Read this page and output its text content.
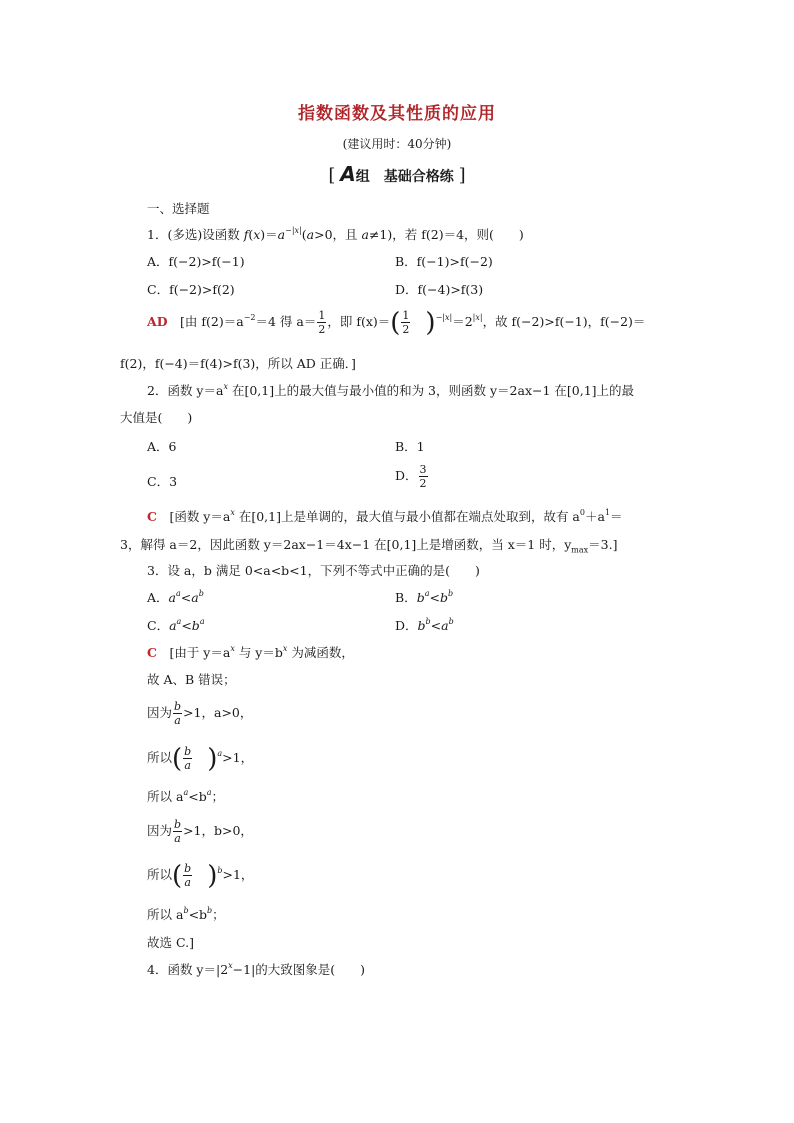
指数函数及其性质的应用
(建议用时：40分钟)
[ A组　基础合格练 ]
一、选择题
1．(多选)设函数 $f(x)=a^{-|x|}(a>0$，且 a≠1)，若 f(2)＝4，则(　　)
A．f(−2)>f(−1)	B．f(−1)>f(−2)
C．f(−2)>f(2)	D．f(−4)>f(3)
AD　[由 $f(2)=a^{-2}=4$ 得 $a= \frac{1}{2}$ ，即 $f(x)=( \frac{1}{2} )^{-|x|}=2^{|x|}$，故 f(−2)>f(−1)，f(−2)＝
f(2)，f(−4)＝f(4)>f(3)，所以 AD 正确．]
2．函数 $y=a^x$ 在[0,1]上的最大值与最小值的和为 3，则函数 y＝2ax−1 在[0,1]上的最
大值是(　　)
A．6	B．1
C．3	D． $\frac{3}{2}$
C　[函数 $y=a^x$ 在[0,1]上是单调的，最大值与最小值都在端点处取到，故有 $a^0+a^1=$
3，解得 a＝2，因此函数 y＝2ax−1＝4x−1 在[0,1]上是增函数，当 x＝1 时，$y_{max}=3$.]
3．设 a，b 满足 0<a<b<1，下列不等式中正确的是(　　)
A．$a^a<a^b$	B．$b^a<b^b$
C．$a^a<b^a$	D．$b^b<a^b$
C　[由于 $y=a^x$ 与 $y=b^x$ 为减函数，
故 A、B 错误；
因为 $\frac{b}{a} >1$，a>0，
所以( $\frac{b}{a} )^a>1$，
所以 $a^a<b^a$；
因为 $\frac{b}{a} >1$，b>0，
所以( $\frac{b}{a} )^b>1$，
所以 $a^b<b^b$；
故选 C.]
4．函数 $y=|2^x-1|$的大致图象是(　　)
